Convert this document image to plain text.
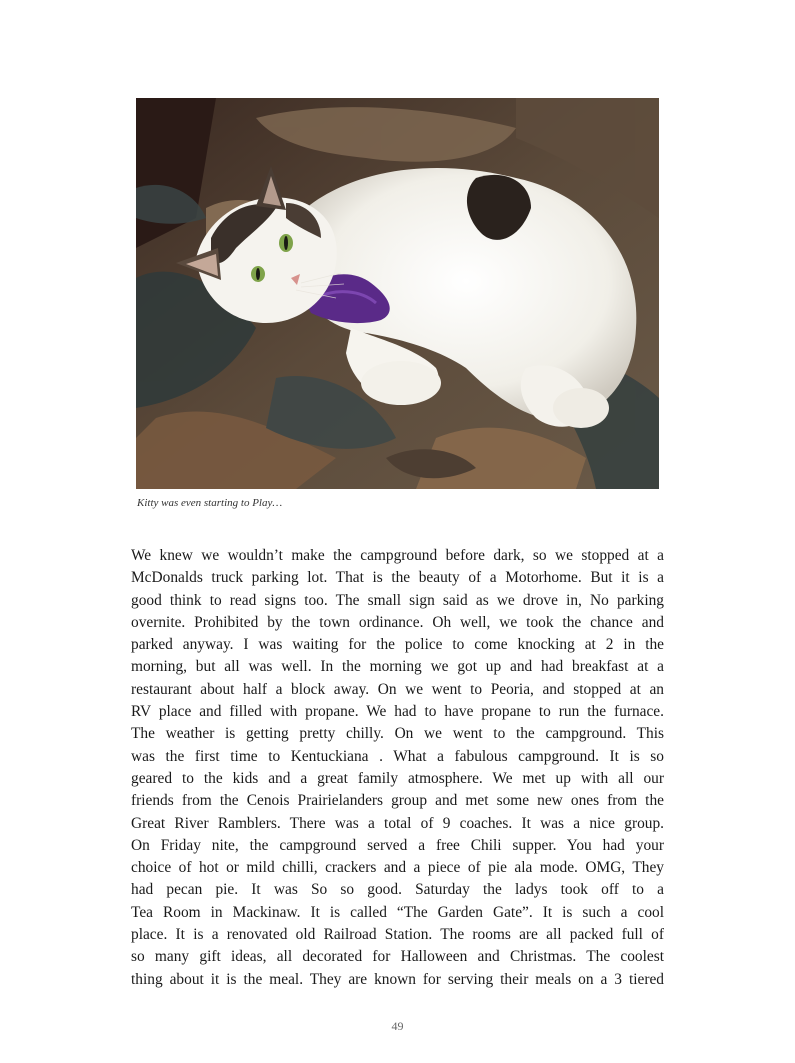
Kitty was even starting to Play…
We knew we wouldn’t make the campground before dark, so we stopped at a
McDonalds truck parking lot. That is the beauty of a Motorhome. But it is a
good think to read signs too. The small sign said as we drove in, No parking
overnite. Prohibited by the town ordinance. Oh well, we took the chance and
parked anyway. I was waiting for the police to come knocking at 2 in the
morning, but all was well. In the morning we got up and had breakfast at a
restaurant about half a block away. On we went to Peoria, and stopped at an
RV place and filled with propane. We had to have propane to run the furnace.
The weather is getting pretty chilly. On we went to the campground. This
was the first time to Kentuckiana . What a fabulous campground. It is so
geared to the kids and a great family atmosphere. We met up with all our
friends from the Cenois Prairielanders group and met some new ones from the
Great River Ramblers. There was a total of 9 coaches. It was a nice group.
On Friday nite, the campground served a free Chili supper. You had your
choice of hot or mild chilli, crackers and a piece of pie ala mode. OMG, They
had pecan pie. It was So so good. Saturday the ladys took off to a
Tea Room in Mackinaw. It is called “The Garden Gate”. It is such a cool
place. It is a renovated old Railroad Station. The rooms are all packed full of
so many gift ideas, all decorated for Halloween and Christmas. The coolest
thing about it is the meal. They are known for serving their meals on a 3 tiered
49
